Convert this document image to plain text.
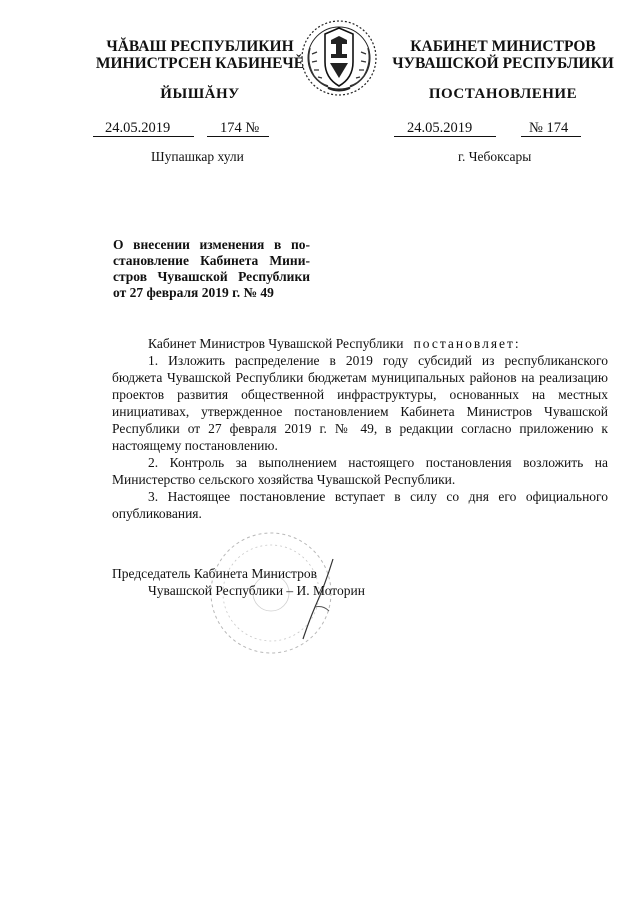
ЧĂВАШ РЕСПУБЛИКИН
МИНИСТРСЕН КАБИНЕЧĚ
КАБИНЕТ МИНИСТРОВ
ЧУВАШСКОЙ РЕСПУБЛИКИ
ЙЫШĂНУ	ПОСТАНОВЛЕНИЕ
24.05.2019	174 №	24.05.2019	№ 174
Шупашкар хули	г. Чебоксары
О внесении изменения в по-
становление Кабинета Мини-
стров Чувашской Республики
от 27 февраля 2019 г. № 49

Кабинет Министров Чувашской Республики постановляет:

1. Изложить распределение в 2019 году субсидий из республиканского бюджета Чувашской Республики бюджетам муниципальных районов на реализацию проектов развития общественной инфраструктуры, основанных на местных инициативах, утвержденное постановлением Кабинета Министров Чувашской Республики от 27 февраля 2019 г. № 49, в редакции согласно приложению к настоящему постановлению.

2. Контроль за выполнением настоящего постановления возложить на Министерство сельского хозяйства Чувашской Республики.

3. Настоящее постановление вступает в силу со дня его официального опубликования.

Председатель Кабинета Министров
Чувашской Республики – И. Моторин
